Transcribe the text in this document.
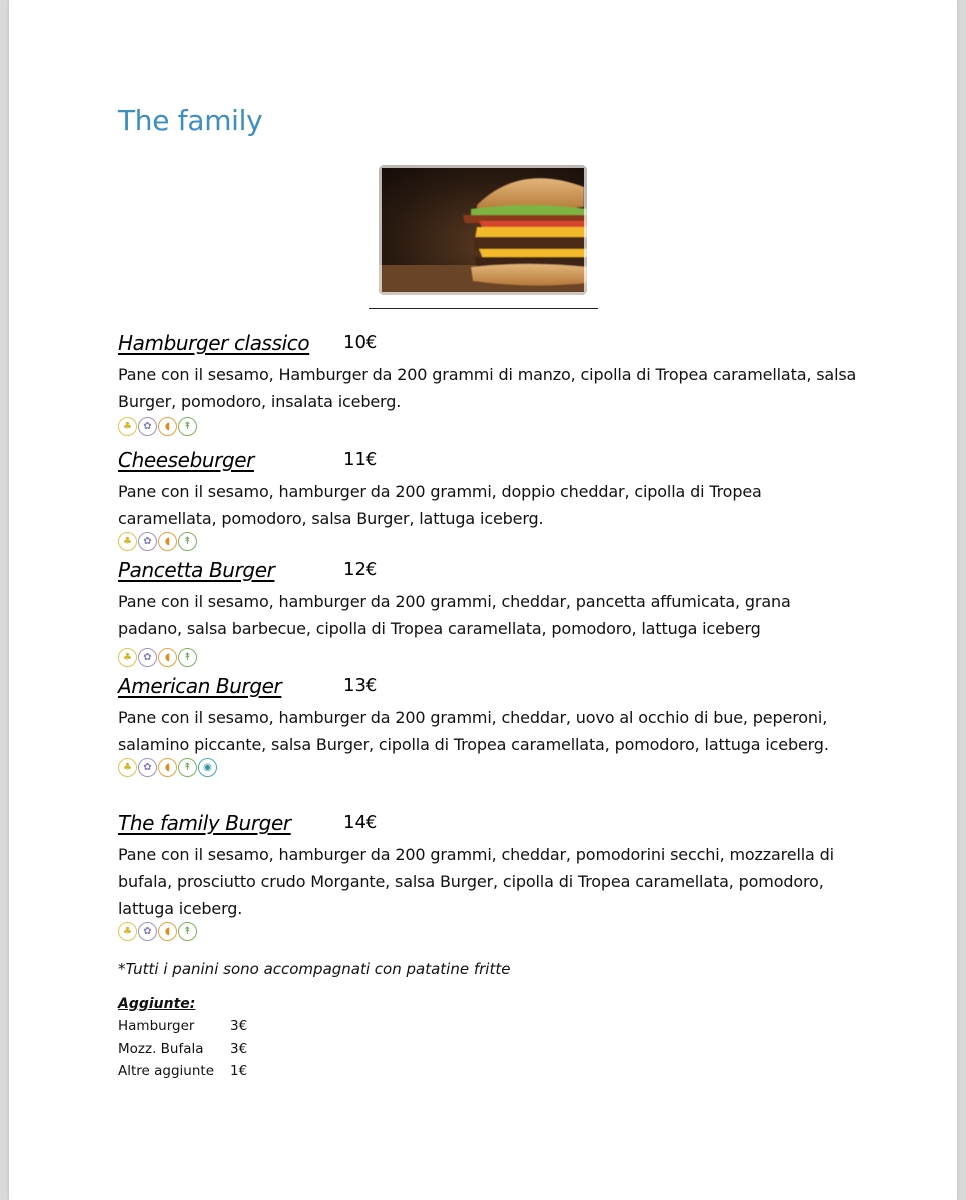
The family
Hamburger classico 10€
Pane con il sesamo, Hamburger da 200 grammi di manzo, cipolla di Tropea caramellata, salsa Burger, pomodoro, insalata iceberg.
♣	✿	◖	↟
Cheeseburger	11€
Pane con il sesamo, hamburger da 200 grammi, doppio cheddar, cipolla di Tropea caramellata, pomodoro, salsa Burger, lattuga iceberg.
♣	✿	◖	↟
Pancetta Burger	12€
Pane con il sesamo, hamburger da 200 grammi, cheddar, pancetta affumicata, grana padano, salsa barbecue, cipolla di Tropea caramellata, pomodoro, lattuga iceberg
♣	✿	◖	↟
American Burger	13€
Pane con il sesamo, hamburger da 200 grammi, cheddar, uovo al occhio di bue, peperoni, salamino piccante, salsa Burger, cipolla di Tropea caramellata, pomodoro, lattuga iceberg.
♣	✿	◖	↟	◉
The family Burger	14€
Pane con il sesamo, hamburger da 200 grammi, cheddar, pomodorini secchi, mozzarella di bufala, prosciutto crudo Morgante, salsa Burger, cipolla di Tropea caramellata, pomodoro, lattuga iceberg.
♣	✿	◖	↟
*Tutti i panini sono accompagnati con patatine fritte
Aggiunte:
Hamburger	3€
Mozz. Bufala 3€
Altre aggiunte 1€
